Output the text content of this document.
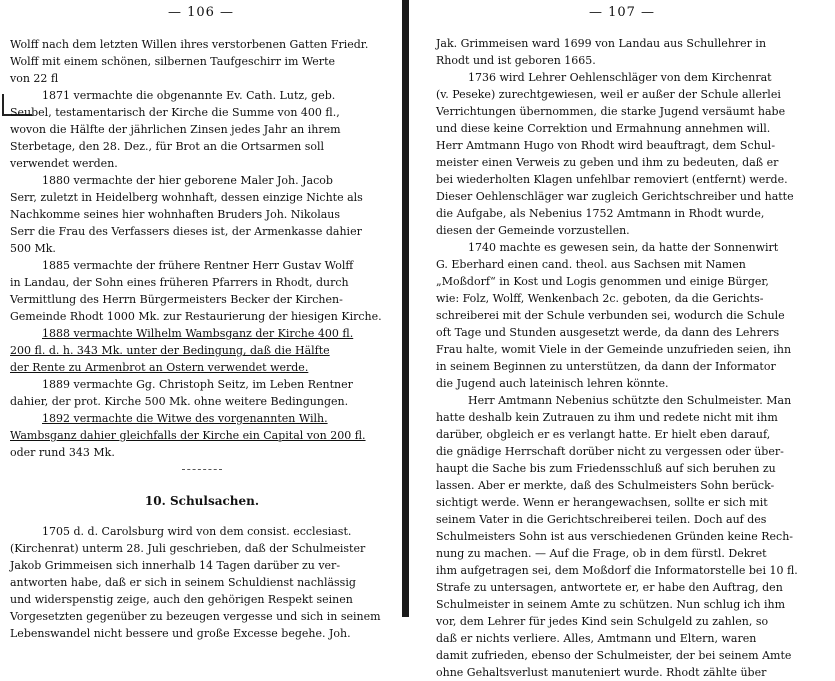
— 106 —
Wolff nach dem letzten Willen ihres verstorbenen Gatten Friedr.
Wolff mit einem schönen, silbernen Taufgeschirr im Werte
von 22 fl
1871 vermachte die obgenannte Ev. Cath. Lutz, geb.
Seubel, testamentarisch der Kirche die Summe von 400 fl.,
wovon die Hälfte der jährlichen Zinsen jedes Jahr an ihrem
Sterbetage, den 28. Dez., für Brot an die Ortsarmen soll
verwendet werden.
1880 vermachte der hier geborene Maler Joh. Jacob
Serr, zuletzt in Heidelberg wohnhaft, dessen einzige Nichte als
Nachkomme seines hier wohnhaften Bruders Joh. Nikolaus
Serr die Frau des Verfassers dieses ist, der Armenkasse dahier
500 Mk.
1885 vermachte der frühere Rentner Herr Gustav Wolff
in Landau, der Sohn eines früheren Pfarrers in Rhodt, durch
Vermittlung des Herrn Bürgermeisters Becker der Kirchen-
Gemeinde Rhodt 1000 Mk. zur Restaurierung der hiesigen Kirche.
1888 vermachte Wilhelm Wambsganz der Kirche 400 fl.
200 fl. d. h. 343 Mk. unter der Bedingung, daß die Hälfte
der Rente zu Armenbrot an Ostern verwendet werde.
1889 vermachte Gg. Christoph Seitz, im Leben Rentner
dahier, der prot. Kirche 500 Mk. ohne weitere Bedingungen.
1892 vermachte die Witwe des vorgenannten Wilh.
Wambsganz dahier gleichfalls der Kirche ein Capital von 200 fl.
oder rund 343 Mk.
10. Schulsachen.
1705 d. d. Carolsburg wird von dem consist. ecclesiast.
(Kirchenrat) unterm 28. Juli geschrieben, daß der Schulmeister
Jakob Grimmeisen sich innerhalb 14 Tagen darüber zu ver-
antworten habe, daß er sich in seinem Schuldienst nachlässig
und widerspenstig zeige, auch den gehörigen Respekt seinen
Vorgesetzten gegenüber zu bezeugen vergesse und sich in seinem
Lebenswandel nicht bessere und große Excesse begehe. Joh.
— 107 —
Jak. Grimmeisen ward 1699 von Landau aus Schullehrer in
Rhodt und ist geboren 1665.
1736 wird Lehrer Oehlenschläger von dem Kirchenrat
(v. Peseke) zurechtgewiesen, weil er außer der Schule allerlei
Verrichtungen übernommen, die starke Jugend versäumt habe
und diese keine Correktion und Ermahnung annehmen will.
Herr Amtmann Hugo von Rhodt wird beauftragt, dem Schul-
meister einen Verweis zu geben und ihm zu bedeuten, daß er
bei wiederholten Klagen unfehlbar removiert (entfernt) werde.
Dieser Oehlenschläger war zugleich Gerichtschreiber und hatte
die Aufgabe, als Nebenius 1752 Amtmann in Rhodt wurde,
diesen der Gemeinde vorzustellen.
1740 machte es gewesen sein, da hatte der Sonnenwirt
G. Eberhard einen cand. theol. aus Sachsen mit Namen
„Moßdorf“ in Kost und Logis genommen und einige Bürger,
wie: Folz, Wolff, Wenkenbach 2c. geboten, da die Gerichts-
schreiberei mit der Schule verbunden sei, wodurch die Schule
oft Tage und Stunden ausgesetzt werde, da dann des Lehrers
Frau halte, womit Viele in der Gemeinde unzufrieden seien, ihn
in seinem Beginnen zu unterstützen, da dann der Informator
die Jugend auch lateinisch lehren könnte.
Herr Amtmann Nebenius schützte den Schulmeister. Man
hatte deshalb kein Zutrauen zu ihm und redete nicht mit ihm
darüber, obgleich er es verlangt hatte. Er hielt eben darauf,
die gnädige Herrschaft dorüber nicht zu vergessen oder über-
haupt die Sache bis zum Friedensschluß auf sich beruhen zu
lassen. Aber er merkte, daß des Schulmeisters Sohn berück-
sichtigt werde. Wenn er herangewachsen, sollte er sich mit
seinem Vater in die Gerichtschreiberei teilen. Doch auf des
Schulmeisters Sohn ist aus verschiedenen Gründen keine Rech-
nung zu machen. — Auf die Frage, ob in dem fürstl. Dekret
ihm aufgetragen sei, dem Moßdorf die Informatorstelle bei 10 fl.
Strafe zu untersagen, antwortete er, er habe den Auftrag, den
Schulmeister in seinem Amte zu schützen. Nun schlug ich ihm
vor, dem Lehrer für jedes Kind sein Schulgeld zu zahlen, so
daß er nichts verliere. Alles, Amtmann und Eltern, waren
damit zufrieden, ebenso der Schulmeister, der bei seinem Amte
ohne Gehaltsverlust manuteniert wurde. Rhodt zählte über
